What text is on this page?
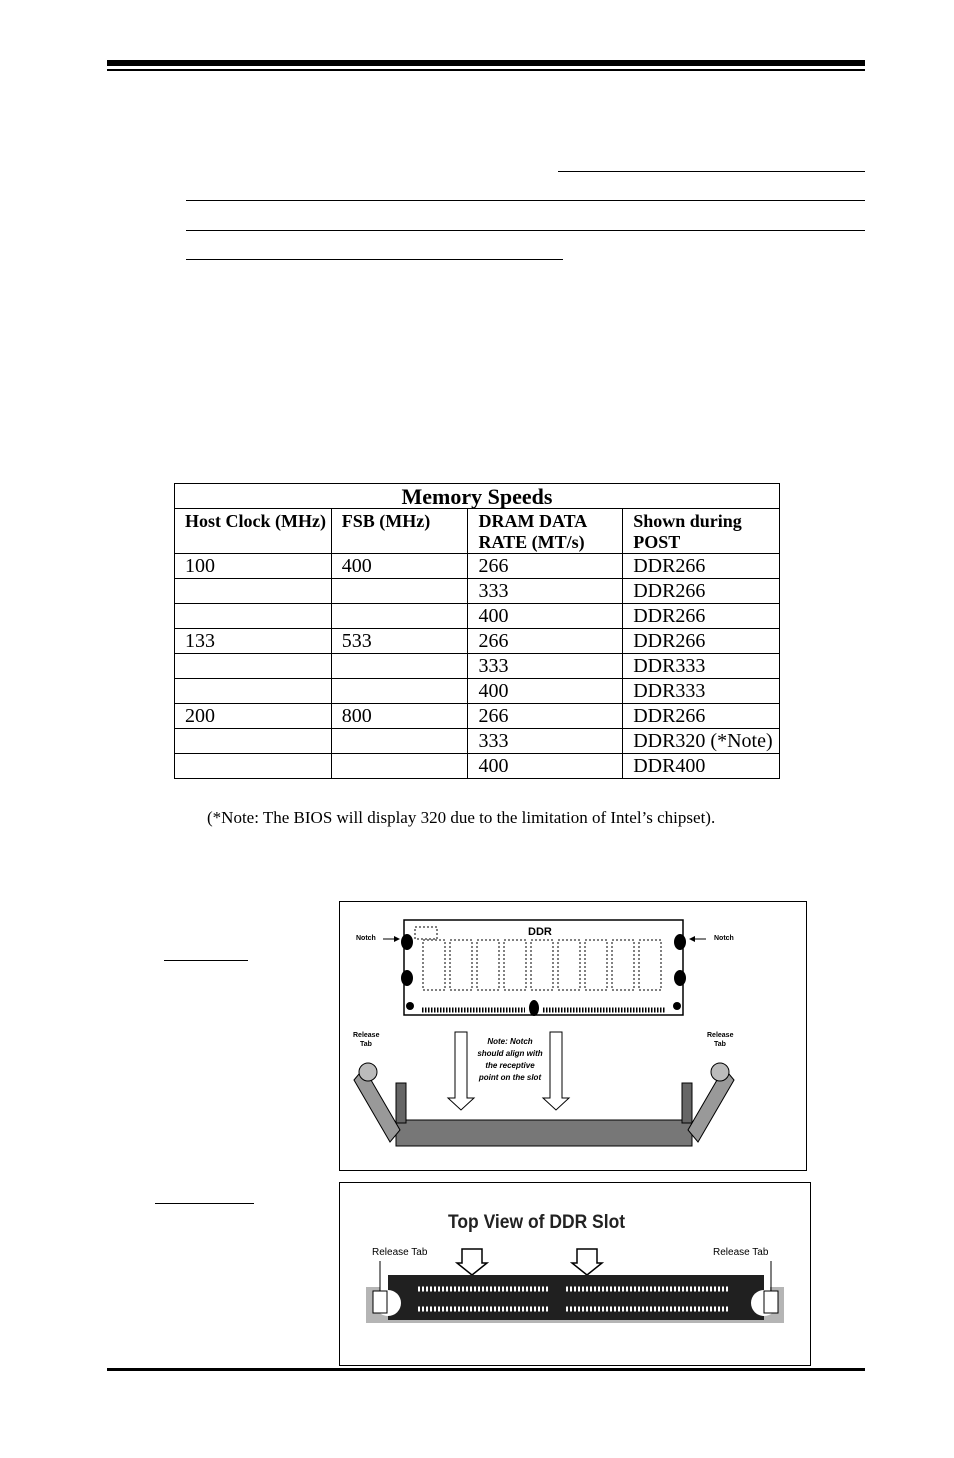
Memory Speeds			
Host Clock (MHz)	FSB (MHz)	DRAM DATA RATE (MT/s)	Shown during POST
100	400	266	DDR266
		333	DDR266
		400	DDR266
133	533	266	DDR266
		333	DDR333
		400	DDR333
200	800	266	DDR266
		333	DDR320 (*Note)
		400	DDR400
(*Note: The BIOS will display 320 due to the limitation of Intel’s chipset).
DDR
Notch	Notch
Release Tab
Release Tab
Note: Notch should align with the receptive point on the slot
Top View of DDR Slot
Release Tab	Release Tab
